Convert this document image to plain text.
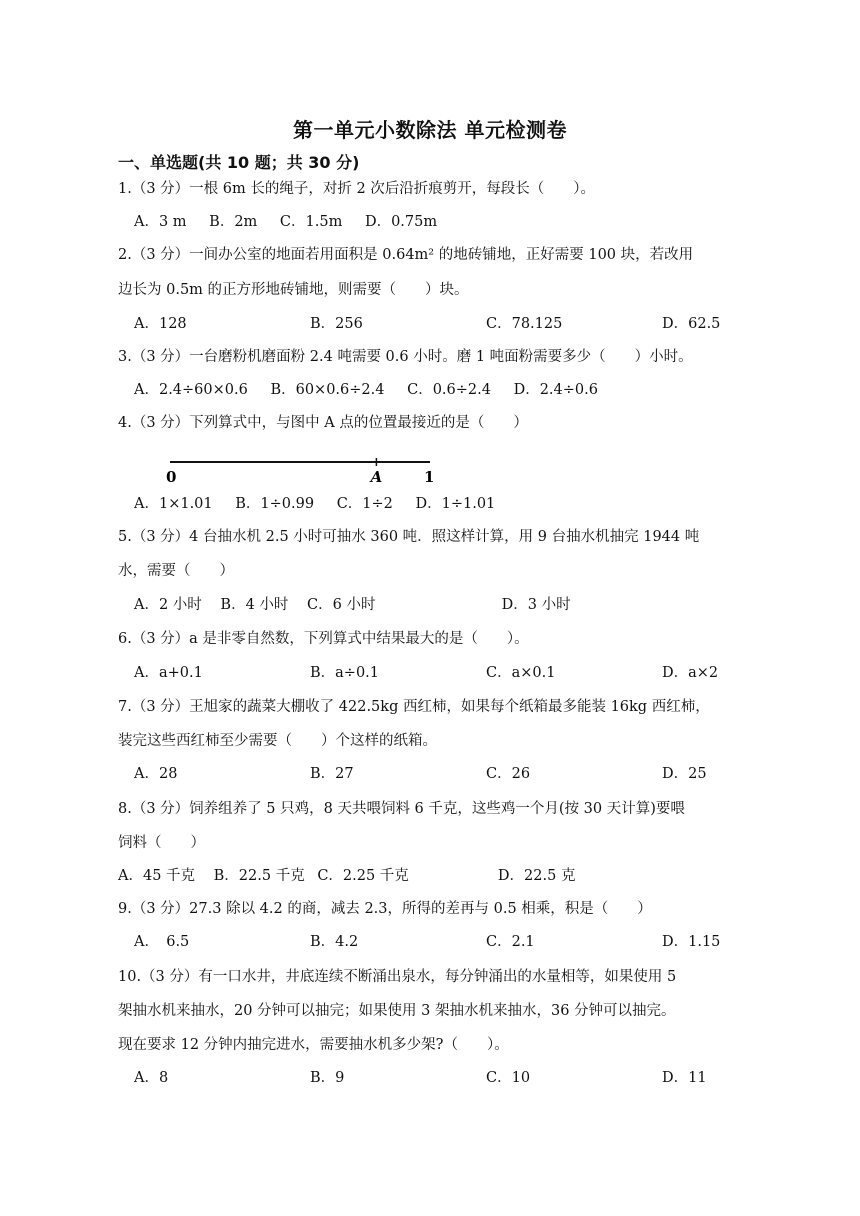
第一单元小数除法 单元检测卷
一、单选题(共 10 题；共 30 分)
1.（3 分）一根 6m 长的绳子，对折 2 次后沿折痕剪开，每段长（　　）。
A．3 m B．2m C．1.5m D．0.75m
2.（3 分）一间办公室的地面若用面积是 0.64m² 的地砖铺地，正好需要 100 块，若改用
边长为 0.5m 的正方形地砖铺地，则需要（　　）块。
A．128	B．256	C．78.125	D．62.5
3.（3 分）一台磨粉机磨面粉 2.4 吨需要 0.6 小时。磨 1 吨面粉需要多少（　　）小时。
A．2.4÷60×0.6 B．60×0.6÷2.4 C．0.6÷2.4 D．2.4÷0.6
4.（3 分）下列算式中，与图中 A 点的位置最接近的是（　　）
0	A	1
A．1×1.01 B．1÷0.99 C．1÷2 D．1÷1.01
5.（3 分）4 台抽水机 2.5 小时可抽水 360 吨．照这样计算，用 9 台抽水机抽完 1944 吨
水，需要（　　）
A．2 小时 B．4 小时 C．6 小时	D．3 小时
6.（3 分）a 是非零自然数，下列算式中结果最大的是（　　）。
A．a+0.1	B．a÷0.1	C．a×0.1	D．a×2
7.（3 分）王旭家的蔬菜大棚收了 422.5kg 西红柿，如果每个纸箱最多能装 16kg 西红柿，
装完这些西红柿至少需要（　　）个这样的纸箱。
A．28	B．27	C．26	D．25
8.（3 分）饲养组养了 5 只鸡，8 天共喂饲料 6 千克，这些鸡一个月(按 30 天计算)要喂
饲料（　　）
A．45 千克 B．22.5 千克 C．2.25 千克	D．22.5 克
9.（3 分）27.3 除以 4.2 的商，减去 2.3，所得的差再与 0.5 相乘，积是（　　）
A．　6.5	B．4.2	C．2.1	D．1.15
10.（3 分）有一口水井，井底连续不断涌出泉水，每分钟涌出的水量相等，如果使用 5
架抽水机来抽水，20 分钟可以抽完；如果使用 3 架抽水机来抽水，36 分钟可以抽完。
现在要求 12 分钟内抽完进水，需要抽水机多少架?（　　）。
A．8	B．9	C．10	D．11
